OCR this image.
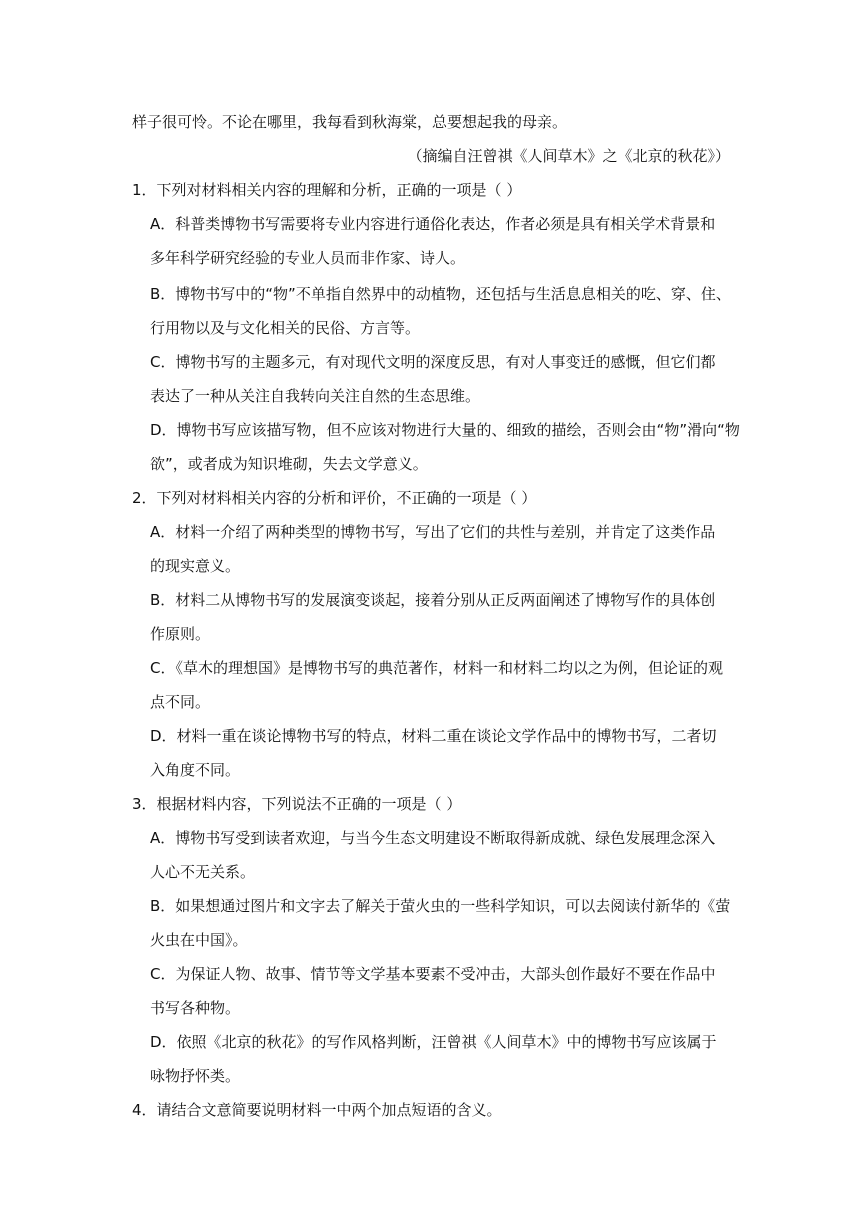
样子很可怜。不论在哪里，我每看到秋海棠，总要想起我的母亲。
（摘编自汪曾祺《人间草木》之《北京的秋花》）
1．下列对材料相关内容的理解和分析，正确的一项是（ ）
A．科普类博物书写需要将专业内容进行通俗化表达，作者必须是具有相关学术背景和
多年科学研究经验的专业人员而非作家、诗人。
B．博物书写中的“物”不单指自然界中的动植物，还包括与生活息息相关的吃、穿、住、
行用物以及与文化相关的民俗、方言等。
C．博物书写的主题多元，有对现代文明的深度反思，有对人事变迁的感慨，但它们都
表达了一种从关注自我转向关注自然的生态思维。
D．博物书写应该描写物，但不应该对物进行大量的、细致的描绘，否则会由“物”滑向“物
欲”，或者成为知识堆砌，失去文学意义。
2．下列对材料相关内容的分析和评价，不正确的一项是（ ）
A．材料一介绍了两种类型的博物书写，写出了它们的共性与差别，并肯定了这类作品
的现实意义。
B．材料二从博物书写的发展演变谈起，接着分别从正反两面阐述了博物写作的具体创
作原则。
C．《草木的理想国》是博物书写的典范著作，材料一和材料二均以之为例，但论证的观
点不同。
D．材料一重在谈论博物书写的特点，材料二重在谈论文学作品中的博物书写，二者切
入角度不同。
3．根据材料内容，下列说法不正确的一项是（ ）
A．博物书写受到读者欢迎，与当今生态文明建设不断取得新成就、绿色发展理念深入
人心不无关系。
B．如果想通过图片和文字去了解关于萤火虫的一些科学知识，可以去阅读付新华的《萤
火虫在中国》。
C．为保证人物、故事、情节等文学基本要素不受冲击，大部头创作最好不要在作品中
书写各种物。
D．依照《北京的秋花》的写作风格判断，汪曾祺《人间草木》中的博物书写应该属于
咏物抒怀类。
4．请结合文意简要说明材料一中两个加点短语的含义。
